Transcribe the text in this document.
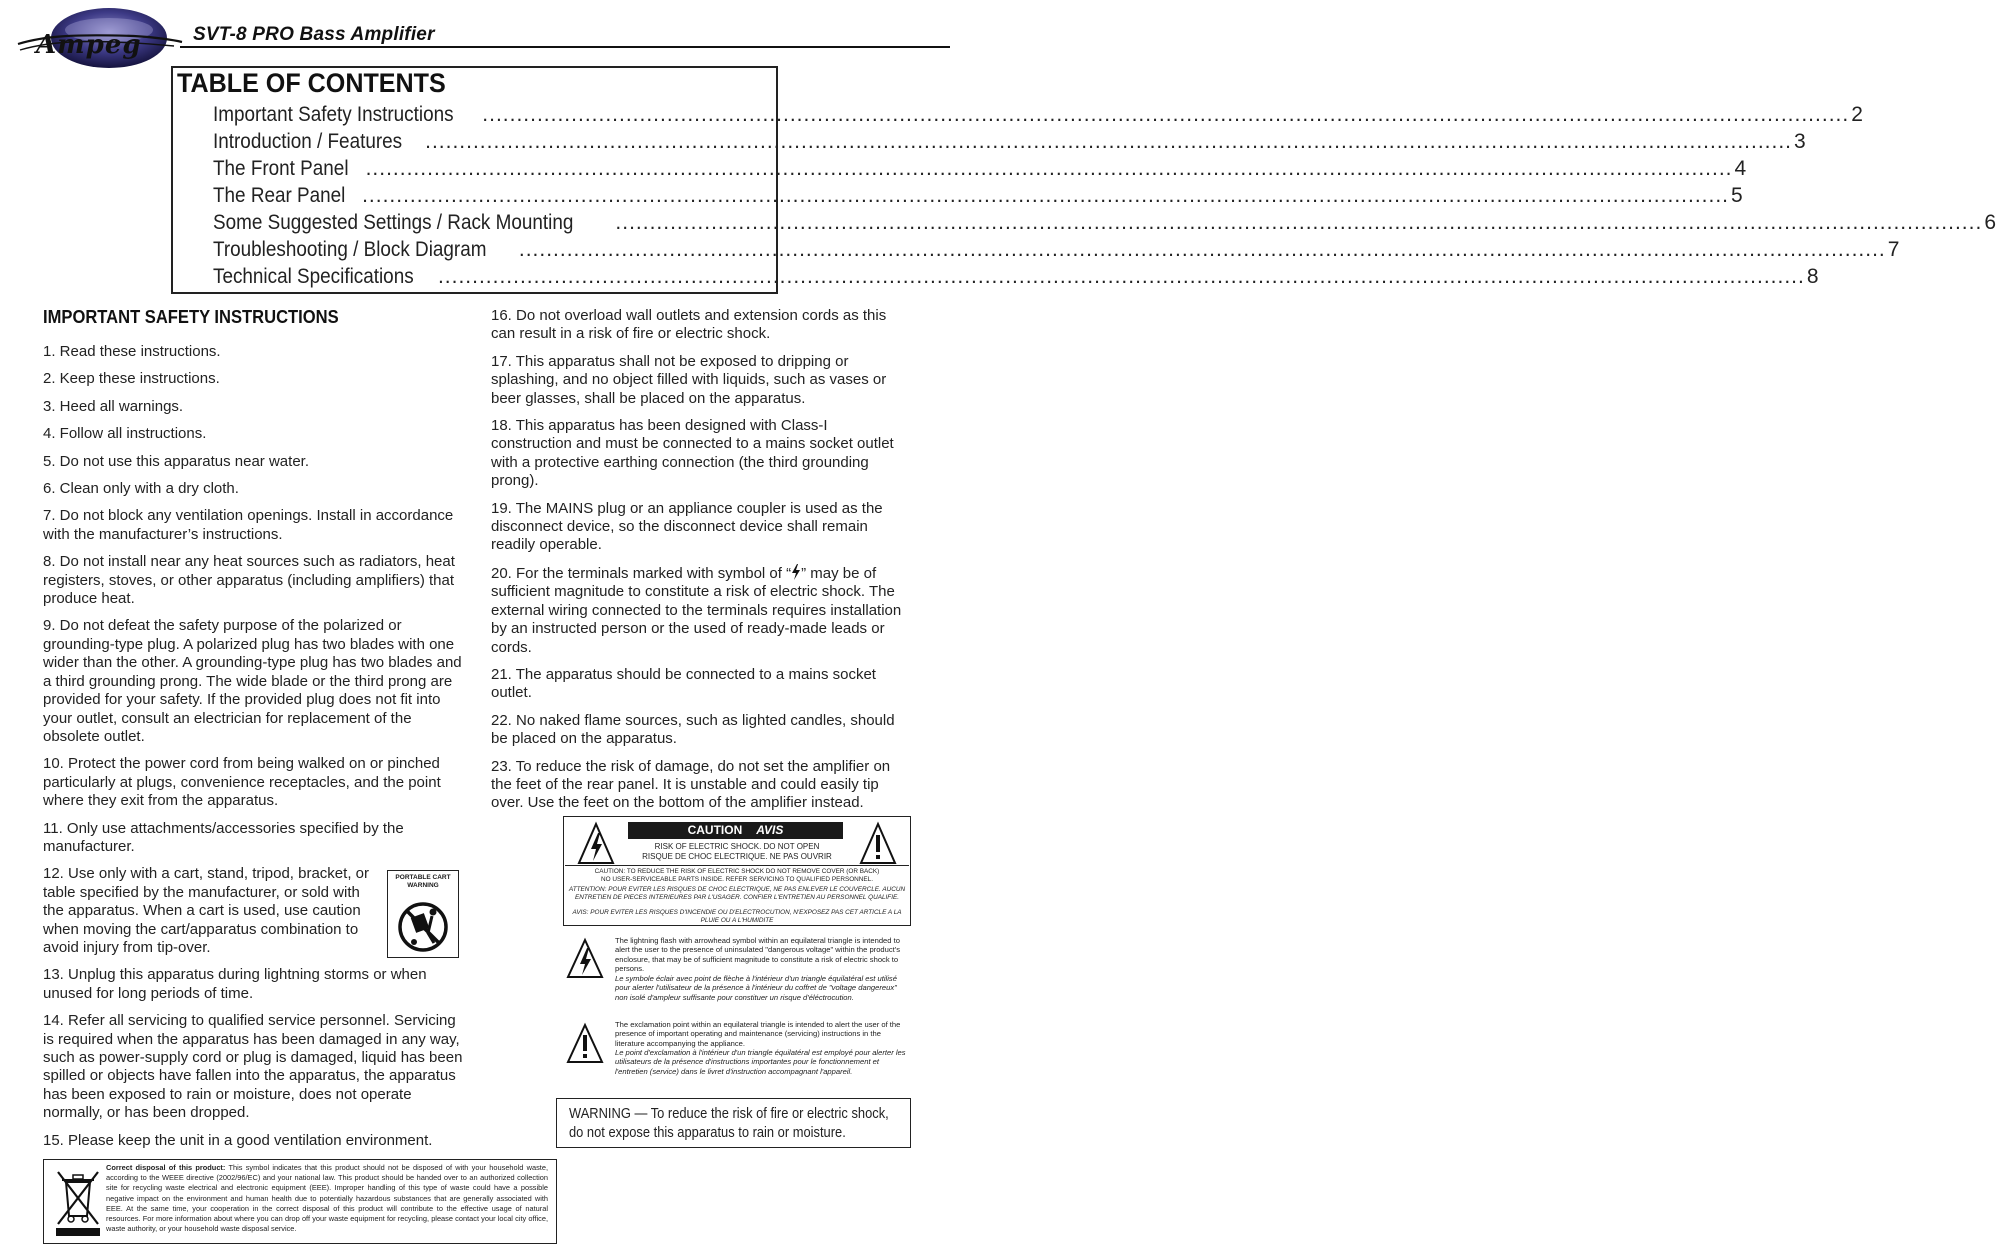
Ampeg	SVT-8 PRO Bass Amplifier
TABLE OF CONTENTS
Important Safety Instructions ........................................................................................................................................................................................................ 2
Introduction / Features ........................................................................................................................................................................................................ 3
The Front Panel ........................................................................................................................................................................................................ 4
The Rear Panel ........................................................................................................................................................................................................ 5
Some Suggested Settings / Rack Mounting ........................................................................................................................................................................................................ 6
Troubleshooting / Block Diagram ........................................................................................................................................................................................................ 7
Technical Specifications ........................................................................................................................................................................................................ 8
IMPORTANT SAFETY INSTRUCTIONS

1. Read these instructions.

2. Keep these instructions.

3. Heed all warnings.

4. Follow all instructions.

5. Do not use this apparatus near water.

6. Clean only with a dry cloth.

7. Do not block any ventilation openings. Install in accordance with the manufacturer’s instructions.

8. Do not install near any heat sources such as radiators, heat registers, stoves, or other apparatus (including amplifiers) that produce heat.

9. Do not defeat the safety purpose of the polarized or grounding-type plug. A polarized plug has two blades with one wider than the other. A grounding-type plug has two blades and a third grounding prong. The wide blade or the third prong are provided for your safety. If the provided plug does not fit into your outlet, consult an electrician for replacement of the obsolete outlet.

10. Protect the power cord from being walked on or pinched particularly at plugs, convenience receptacles, and the point where they exit from the apparatus.

11. Only use attachments/accessories specified by the manufacturer.

12. Use only with a cart, stand, tripod, bracket, or table specified by the manufacturer, or sold with the apparatus. When a cart is used, use caution when moving the cart/apparatus combination to avoid injury from tip-over.

13. Unplug this apparatus during lightning storms or when unused for long periods of time.

14. Refer all servicing to qualified service personnel. Servicing is required when the apparatus has been damaged in any way, such as power-supply cord or plug is damaged, liquid has been spilled or objects have fallen into the apparatus, the apparatus has been exposed to rain or moisture, does not operate normally, or has been dropped.

15. Please keep the unit in a good ventilation environment.

PORTABLE CART WARNING

16. Do not overload wall outlets and extension cords as this can result in a risk of fire or electric shock.

17. This apparatus shall not be exposed to dripping or splashing, and no object filled with liquids, such as vases or beer glasses, shall be placed on the apparatus.

18. This apparatus has been designed with Class-I construction and must be connected to a mains socket outlet with a protective earthing connection (the third grounding prong).

19. The MAINS plug or an appliance coupler is used as the disconnect device, so the disconnect device shall remain readily operable.

20. For the terminals marked with symbol of “ ” may be of sufficient magnitude to constitute a risk of electric shock. The external wiring connected to the terminals requires installation by an instructed person or the used of ready-made leads or cords.

21. The apparatus should be connected to a mains socket outlet.

22. No naked flame sources, such as lighted candles, should be placed on the apparatus.

23. To reduce the risk of damage, do not set the amplifier on the feet of the rear panel. It is unstable and could easily tip over. Use the feet on the bottom of the amplifier instead.

CAUTION AVIS
RISK OF ELECTRIC SHOCK. DO NOT OPEN
RISQUE DE CHOC ELECTRIQUE. NE PAS OUVRIR
CAUTION: TO REDUCE THE RISK OF ELECTRIC SHOCK DO NOT REMOVE COVER (OR BACK)
NO USER-SERVICEABLE PARTS INSIDE. REFER SERVICING TO QUALIFIED PERSONNEL.
ATTENTION: POUR EVITER LES RISQUES DE CHOC ELECTRIQUE, NE PAS ENLEVER LE COUVERCLE. AUCUN ENTRETIEN DE PIECES INTERIEURES PAR L'USAGER. CONFIER L'ENTRETIEN AU PERSONNEL QUALIFIE.
AVIS: POUR EVITER LES RISQUES D'INCENDIE OU D'ELECTROCUTION, N'EXPOSEZ PAS CET ARTICLE A LA PLUIE OU A L'HUMIDITE
The lightning flash with arrowhead symbol within an equilateral triangle is intended to alert the user to the presence of uninsulated "dangerous voltage" within the product's enclosure, that may be of sufficient magnitude to constitute a risk of electric shock to persons.
Le symbole éclair avec point de flèche à l'intérieur d'un triangle équilatéral est utilisé pour alerter l'utilisateur de la présence à l'intérieur du coffret de "voltage dangereux" non isolé d'ampleur suffisante pour constituer un risque d'éléctrocution.
The exclamation point within an equilateral triangle is intended to alert the user of the presence of important operating and maintenance (servicing) instructions in the literature accompanying the appliance.
Le point d'exclamation à l'intérieur d'un triangle équilatéral est employé pour alerter les utilisateurs de la présence d'instructions importantes pour le fonctionnement et l'entretien (service) dans le livret d'instruction accompagnant l'appareil.
WARNING — To reduce the risk of fire or electric shock, do not expose this apparatus to rain or moisture.
Correct disposal of this product: This symbol indicates that this product should not be disposed of with your household waste, according to the WEEE directive (2002/96/EC) and your national law. This product should be handed over to an authorized collection site for recycling waste electrical and electronic equipment (EEE). Improper handling of this type of waste could have a possible negative impact on the environment and human health due to potentially hazardous substances that are generally associated with EEE. At the same time, your cooperation in the correct disposal of this product will contribute to the effective usage of natural resources. For more information about where you can drop off your waste equipment for recycling, please contact your local city office, waste authority, or your household waste disposal service.
